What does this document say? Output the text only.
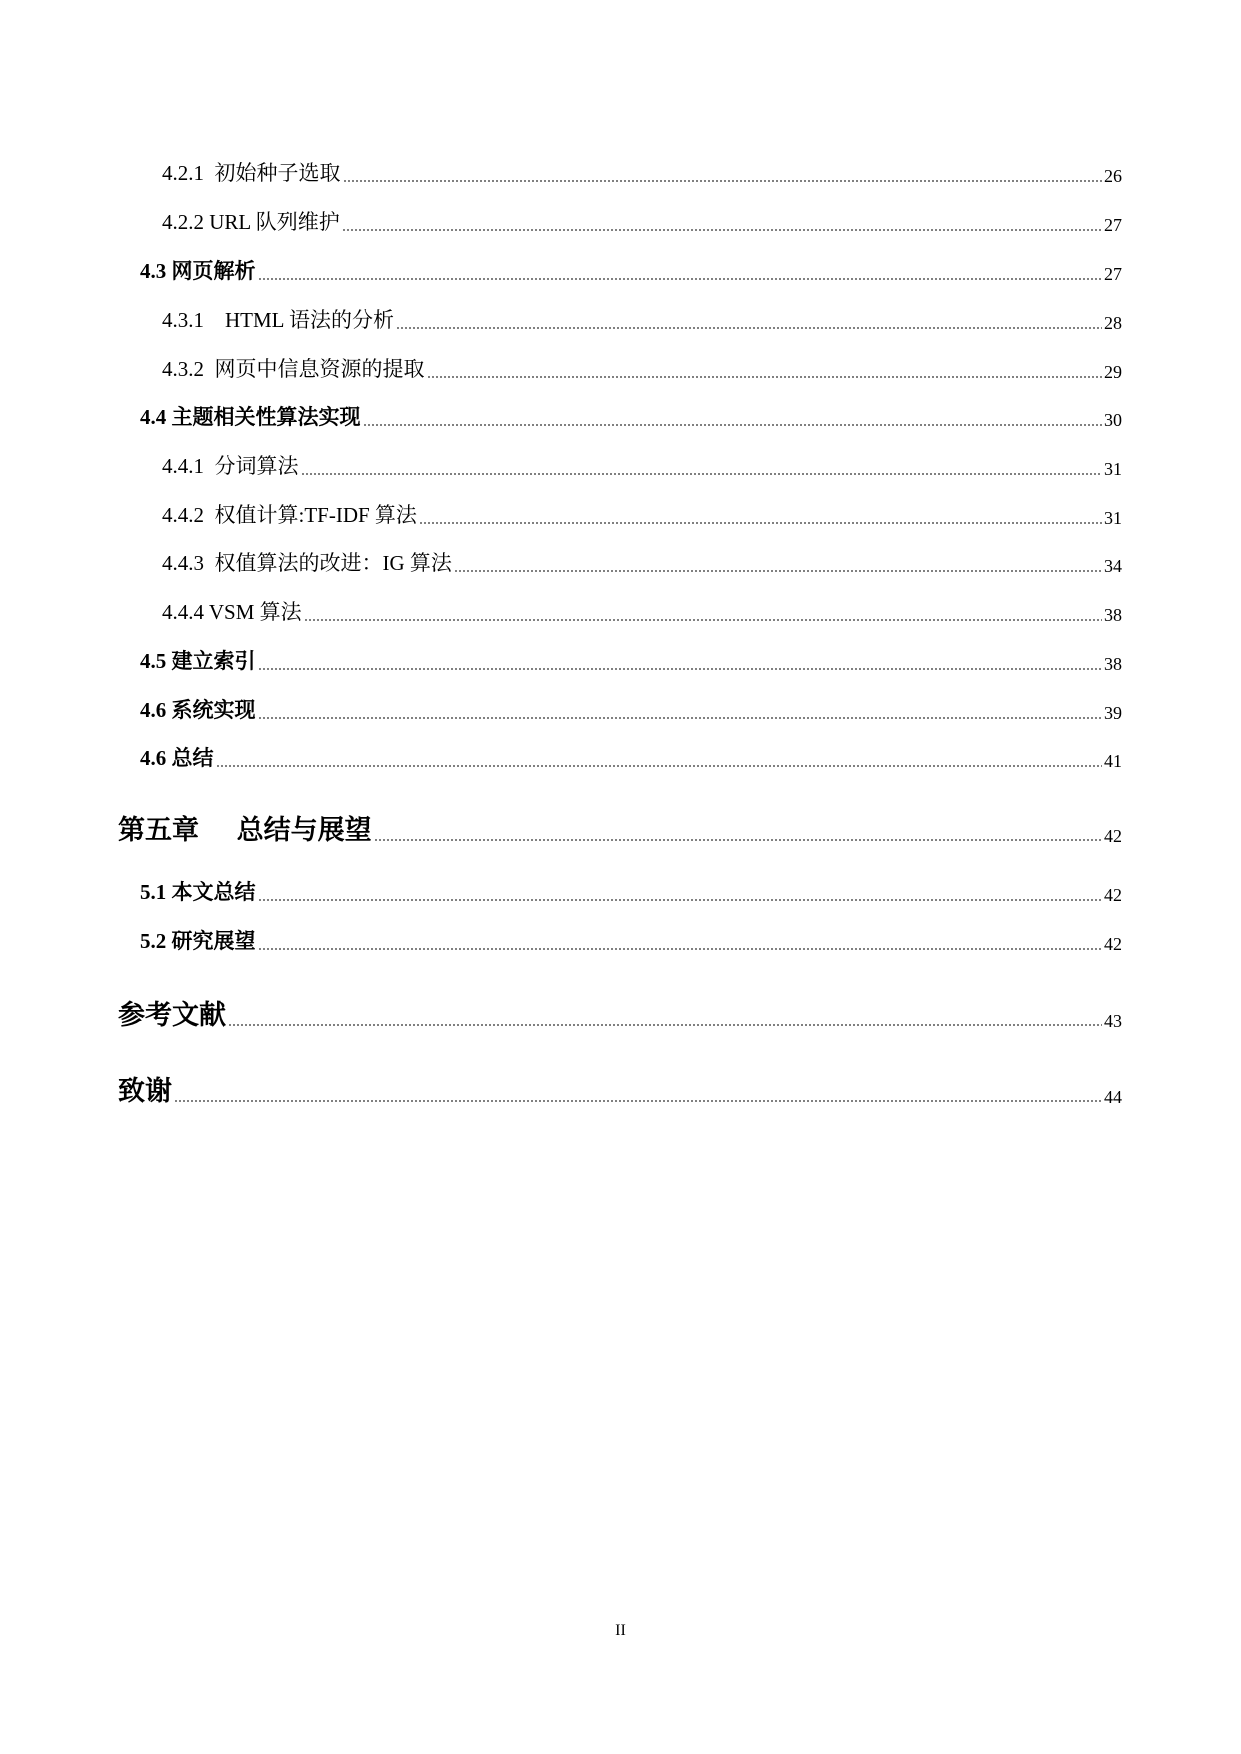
4.2.1  初始种子选取	26
4.2.2 URL 队列维护	27
4.3 网页解析	27
4.3.1    HTML 语法的分析	28
4.3.2  网页中信息资源的提取	29
4.4 主题相关性算法实现	30
4.4.1  分词算法	31
4.4.2  权值计算:TF-IDF 算法	31
4.4.3  权值算法的改进：IG 算法	34
4.4.4 VSM 算法	38
4.5 建立索引	38
4.6 系统实现	39
4.6 总结	41
第五章    总结与展望	42
5.1 本文总结	42
5.2 研究展望	42
参考文献	43
致谢	44
II
